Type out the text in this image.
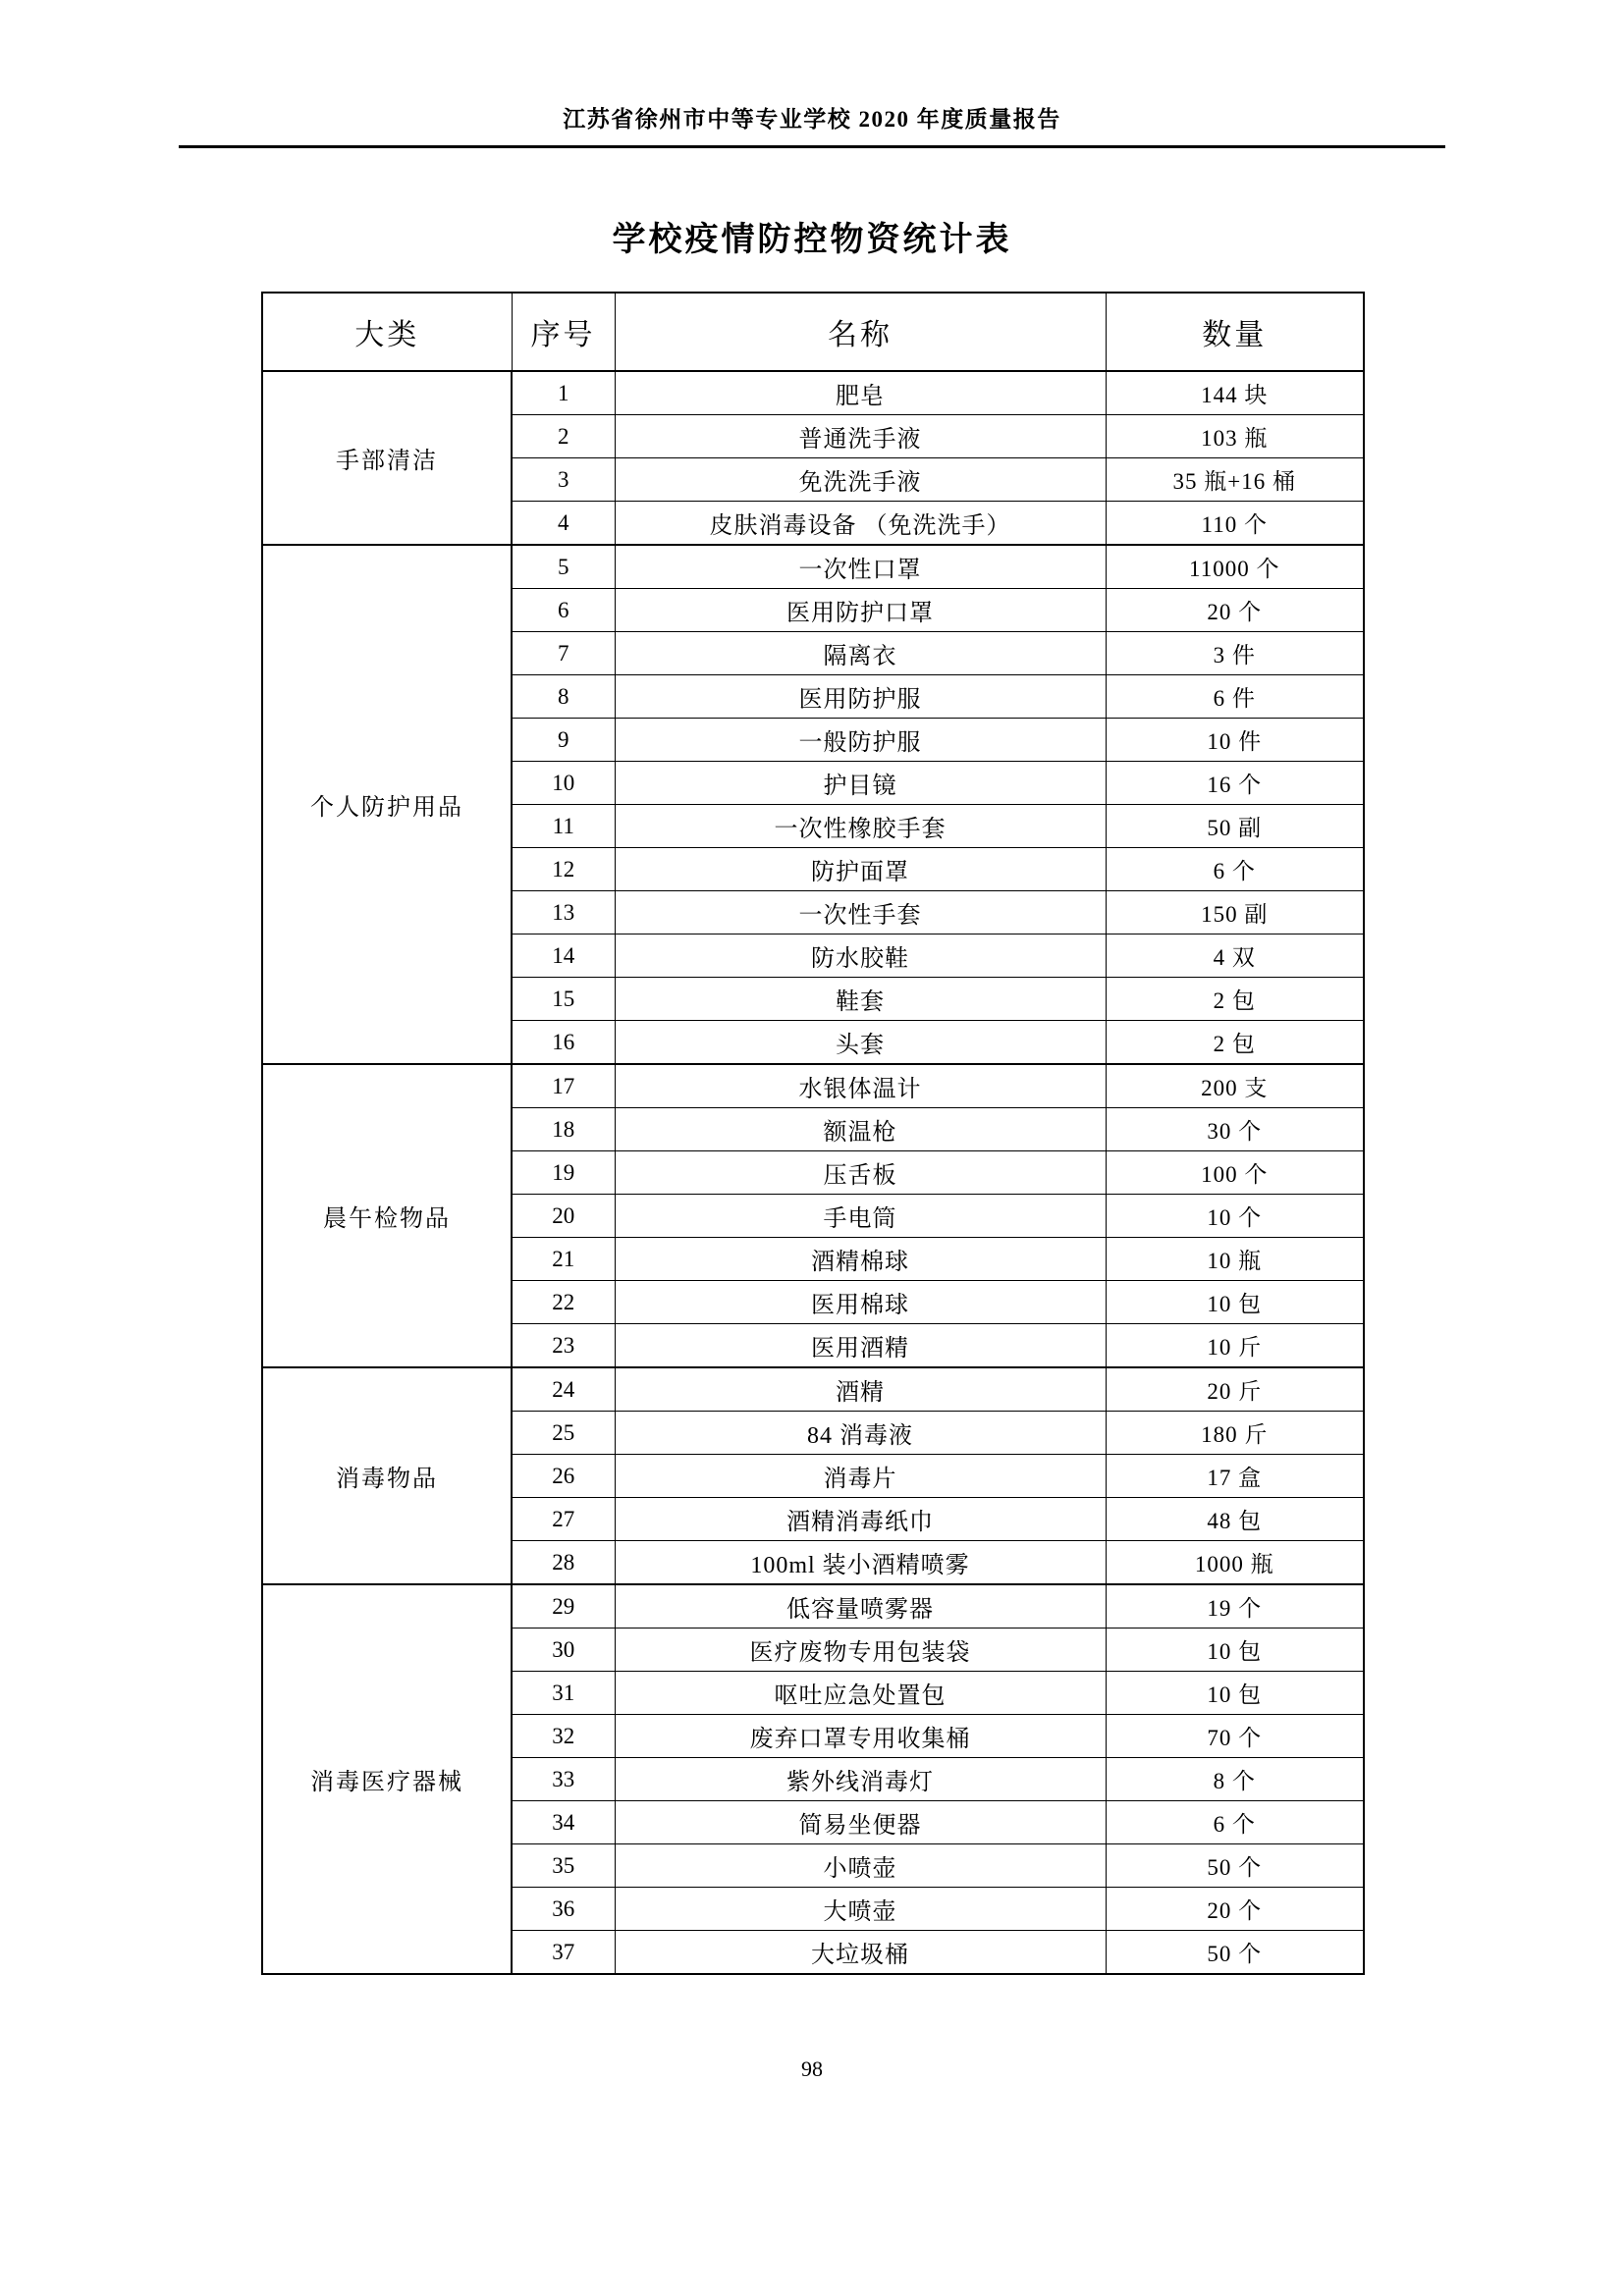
江苏省徐州市中等专业学校 2020 年度质量报告
学校疫情防控物资统计表
大类	序号	名称	数量
手部清洁	1	肥皂	144 块
	2	普通洗手液	103 瓶
	3	免洗洗手液	35 瓶+16 桶
	4	皮肤消毒设备 （免洗洗手）	110 个
个人防护用品	5	一次性口罩	11000 个
	6	医用防护口罩	20 个
	7	隔离衣	3 件
	8	医用防护服	6 件
	9	一般防护服	10 件
	10	护目镜	16 个
	11	一次性橡胶手套	50 副
	12	防护面罩	6 个
	13	一次性手套	150 副
	14	防水胶鞋	4 双
	15	鞋套	2 包
	16	头套	2 包
晨午检物品	17	水银体温计	200 支
	18	额温枪	30 个
	19	压舌板	100 个
	20	手电筒	10 个
	21	酒精棉球	10 瓶
	22	医用棉球	10 包
	23	医用酒精	10 斤
消毒物品	24	酒精	20 斤
	25	84 消毒液	180 斤
	26	消毒片	17 盒
	27	酒精消毒纸巾	48 包
	28	100ml 装小酒精喷雾	1000 瓶
消毒医疗器械	29	低容量喷雾器	19 个
	30	医疗废物专用包装袋	10 包
	31	呕吐应急处置包	10 包
	32	废弃口罩专用收集桶	70 个
	33	紫外线消毒灯	8 个
	34	简易坐便器	6 个
	35	小喷壶	50 个
	36	大喷壶	20 个
	37	大垃圾桶	50 个
98
